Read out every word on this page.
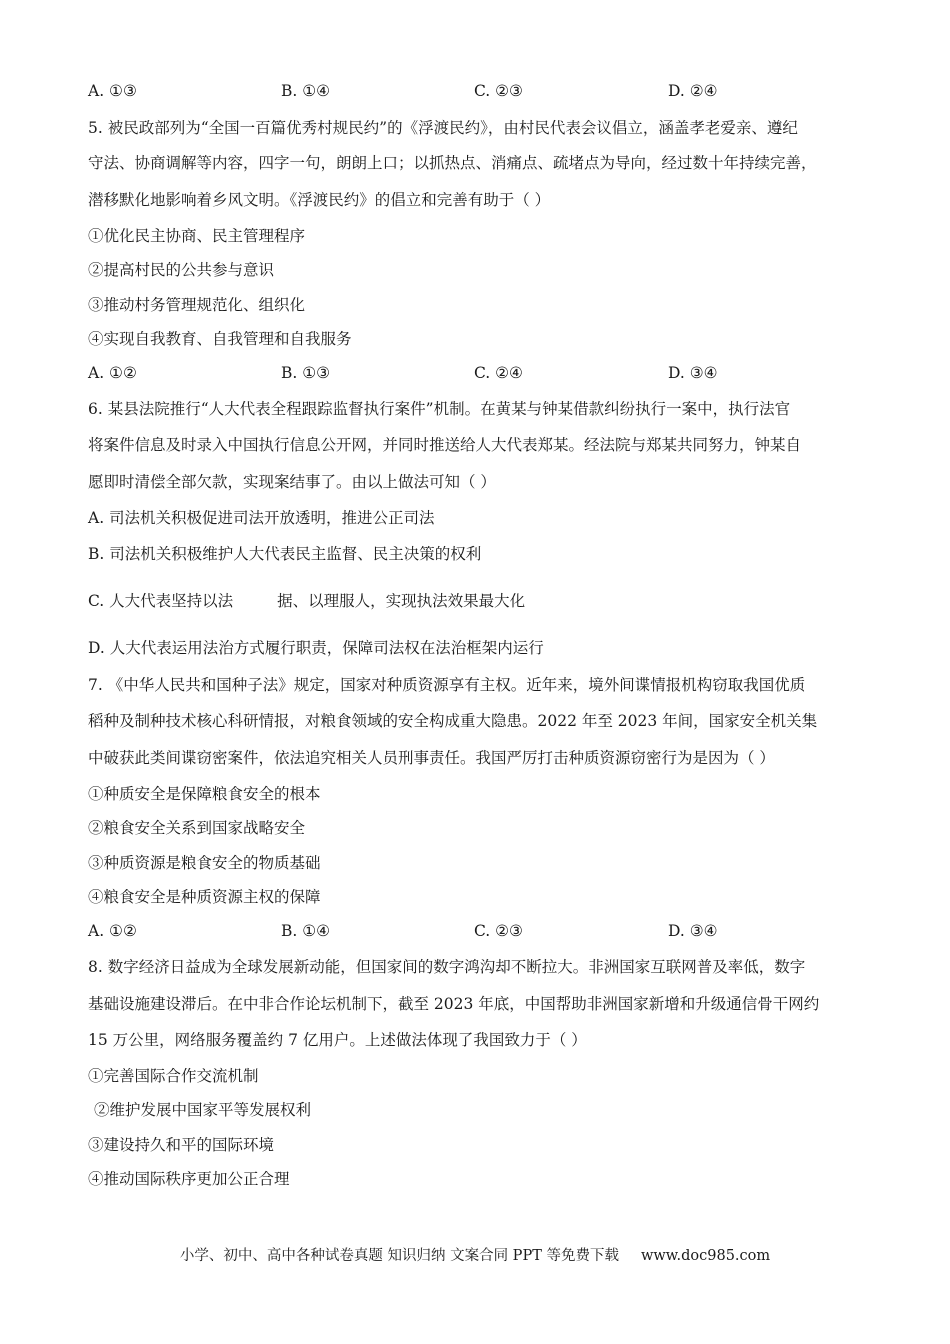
A. ①③	B. ①④	C. ②③	D. ②④
5. 被民政部列为“全国一百篇优秀村规民约”的《浮渡民约》，由村民代表会议倡立，涵盖孝老爱亲、遵纪
守法、协商调解等内容，四字一句，朗朗上口；以抓热点、消痛点、疏堵点为导向，经过数十年持续完善，
潜移默化地影响着乡风文明。《浮渡民约》的倡立和完善有助于（ ）
①优化民主协商、民主管理程序
②提高村民的公共参与意识
③推动村务管理规范化、组织化
④实现自我教育、自我管理和自我服务
A. ①②	B. ①③	C. ②④	D. ③④
6. 某县法院推行“人大代表全程跟踪监督执行案件”机制。在黄某与钟某借款纠纷执行一案中，执行法官
将案件信息及时录入中国执行信息公开网，并同时推送给人大代表郑某。经法院与郑某共同努力，钟某自
愿即时清偿全部欠款，实现案结事了。由以上做法可知（ ）
A. 司法机关积极促进司法开放透明，推进公正司法
B. 司法机关积极维护人大代表民主监督、民主决策的权利
C. 人大代表坚持以法	据、以理服人，实现执法效果最大化
D. 人大代表运用法治方式履行职责，保障司法权在法治框架内运行
7. 《中华人民共和国种子法》规定，国家对种质资源享有主权。近年来，境外间谍情报机构窃取我国优质
稻种及制种技术核心科研情报，对粮食领域的安全构成重大隐患。2022 年至 2023 年间，国家安全机关集
中破获此类间谍窃密案件，依法追究相关人员刑事责任。我国严厉打击种质资源窃密行为是因为（ ）
①种质安全是保障粮食安全的根本
②粮食安全关系到国家战略安全
③种质资源是粮食安全的物质基础
④粮食安全是种质资源主权的保障
A. ①②	B. ①④	C. ②③	D. ③④
8. 数字经济日益成为全球发展新动能，但国家间的数字鸿沟却不断拉大。非洲国家互联网普及率低，数字
基础设施建设滞后。在中非合作论坛机制下，截至 2023 年底，中国帮助非洲国家新增和升级通信骨干网约
15 万公里，网络服务覆盖约 7 亿用户。上述做法体现了我国致力于（ ）
①完善国际合作交流机制
②维护发展中国家平等发展权利
③建设持久和平的国际环境
④推动国际秩序更加公正合理
小学、初中、高中各种试卷真题 知识归纳 文案合同 PPT 等免费下载 www.doc985.com
